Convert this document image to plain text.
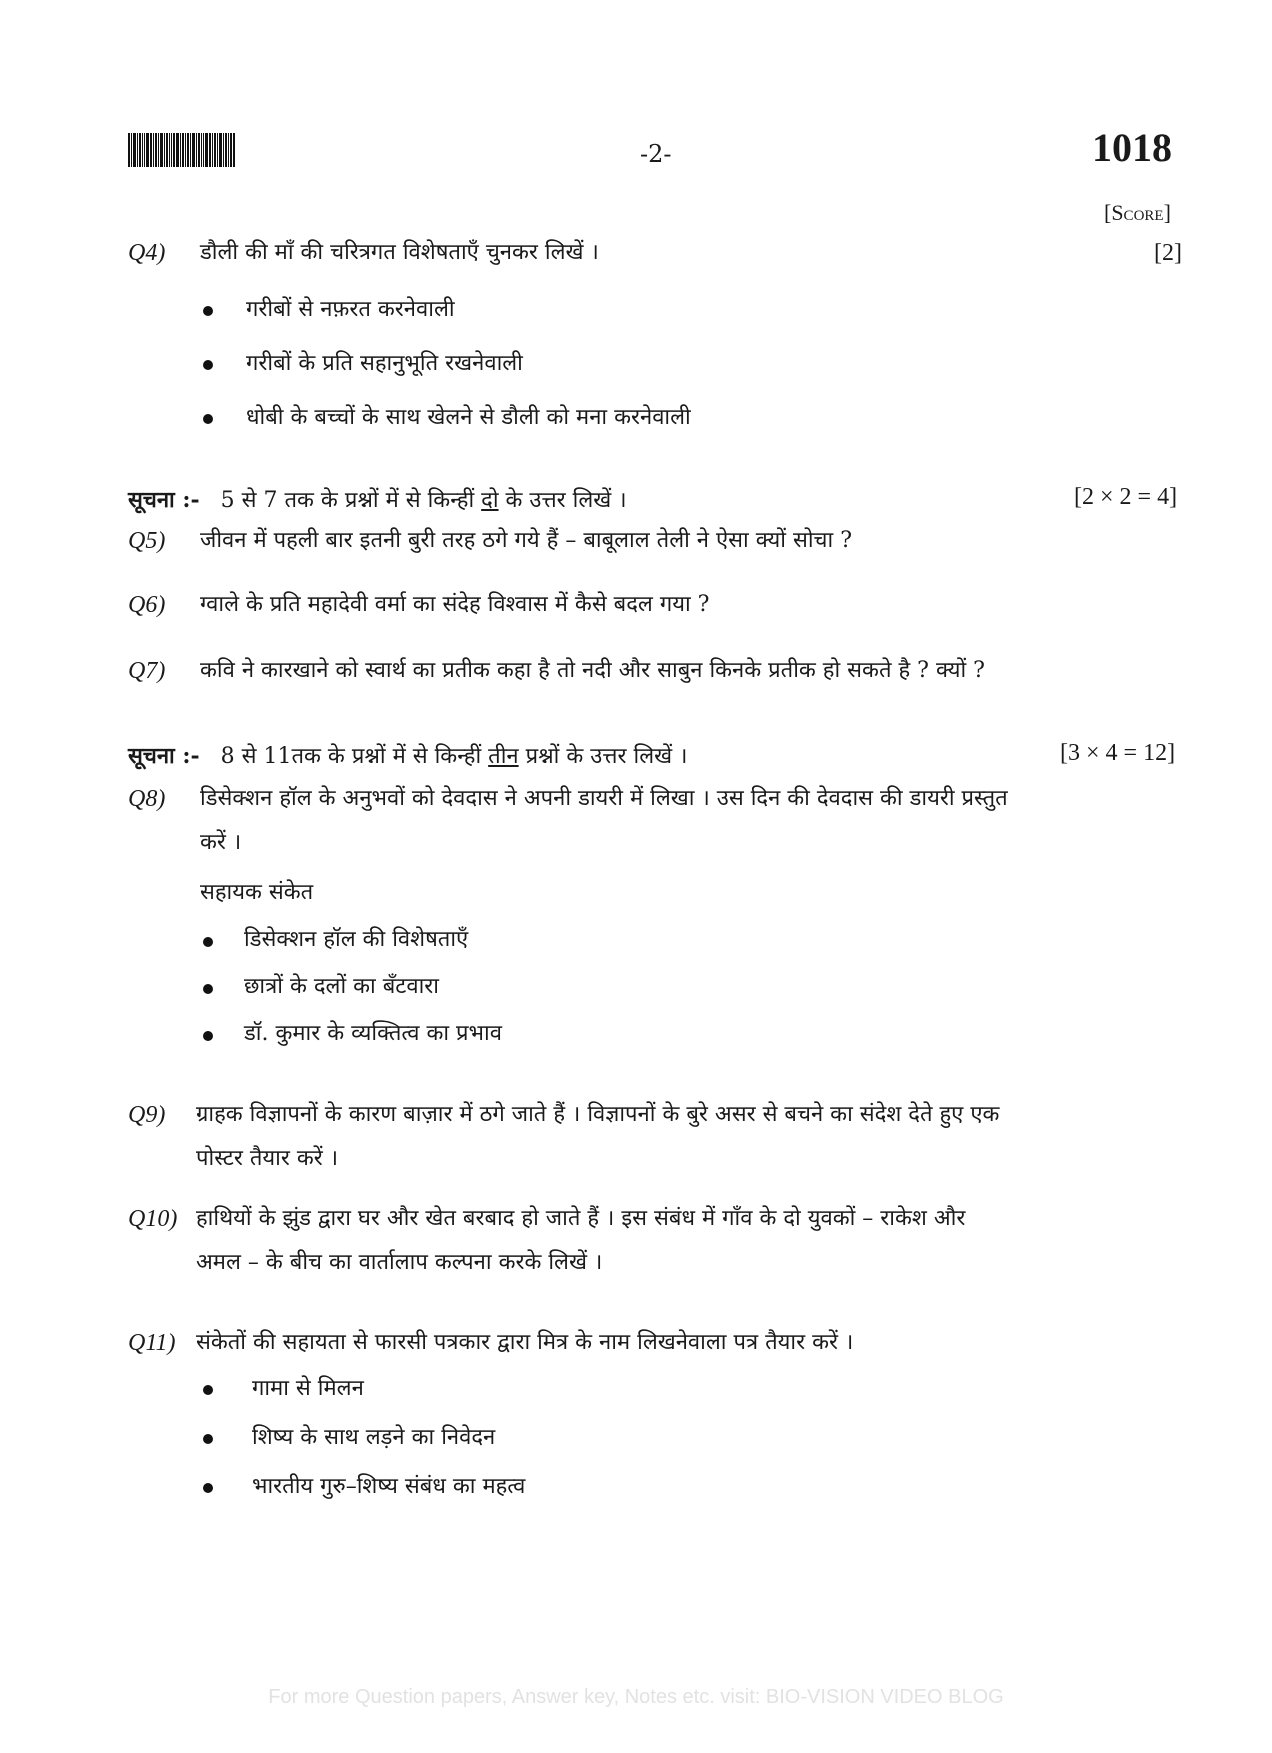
-2-	1018
[Score]
Q4) डौली की माँ की चरित्रगत विशेषताएँ चुनकर लिखें ।	[2]
गरीबों से नफ़रत करनेवाली
गरीबों के प्रति सहानुभूति रखनेवाली
धोबी के बच्चों के साथ खेलने से डौली को मना करनेवाली
सूचना :- 5 से 7 तक के प्रश्नों में से किन्हीं दो के उत्तर लिखें ।	[2 × 2 = 4]
Q5) जीवन में पहली बार इतनी बुरी तरह ठगे गये हैं – बाबूलाल तेली ने ऐसा क्यों सोचा ?
Q6) ग्वाले के प्रति महादेवी वर्मा का संदेह विश्वास में कैसे बदल गया ?
Q7) कवि ने कारखाने को स्वार्थ का प्रतीक कहा है तो नदी और साबुन किनके प्रतीक हो सकते है ? क्यों ?
सूचना :- 8 से 11तक के प्रश्नों में से किन्हीं तीन प्रश्नों के उत्तर लिखें ।	[3 × 4 = 12]
Q8) डिसेक्शन हॉल के अनुभवों को देवदास ने अपनी डायरी में लिखा । उस दिन की देवदास की डायरी प्रस्तुत
करें ।
सहायक संकेत
डिसेक्शन हॉल की विशेषताएँ
छात्रों के दलों का बँटवारा
डॉ. कुमार के व्यक्तित्व का प्रभाव
Q9) ग्राहक विज्ञापनों के कारण बाज़ार में ठगे जाते हैं । विज्ञापनों के बुरे असर से बचने का संदेश देते हुए एक
पोस्टर तैयार करें ।
Q10) हाथियों के झुंड द्वारा घर और खेत बरबाद हो जाते हैं । इस संबंध में गाँव के दो युवकों – राकेश और
अमल – के बीच का वार्तालाप कल्पना करके लिखें ।
Q11) संकेतों की सहायता से फारसी पत्रकार द्वारा मित्र के नाम लिखनेवाला पत्र तैयार करें ।
गामा से मिलन
शिष्य के साथ लड़ने का निवेदन
भारतीय गुरु–शिष्य संबंध का महत्व
For more Question papers, Answer key, Notes etc. visit: BIO-VISION VIDEO BLOG
